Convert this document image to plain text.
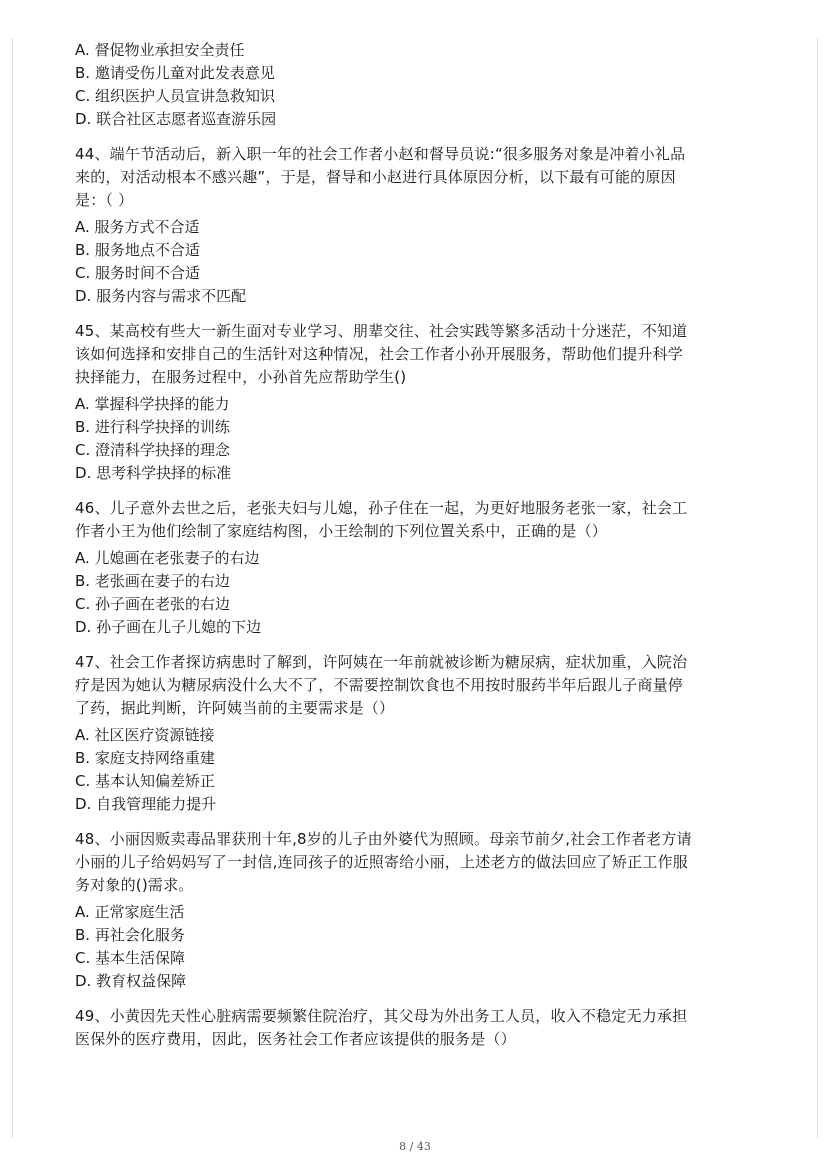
A. 督促物业承担安全责任
B. 邀请受伤儿童对此发表意见
C. 组织医护人员宣讲急救知识
D. 联合社区志愿者巡查游乐园
44、端午节活动后，新入职一年的社会工作者小赵和督导员说:“很多服务对象是冲着小礼品
来的，对活动根本不感兴趣”，于是，督导和小赵进行具体原因分析，以下最有可能的原因
是：（ ）
A. 服务方式不合适
B. 服务地点不合适
C. 服务时间不合适
D. 服务内容与需求不匹配
45、某高校有些大一新生面对专业学习、朋辈交往、社会实践等繁多活动十分迷茫，不知道
该如何选择和安排自己的生活针对这种情况，社会工作者小孙开展服务，帮助他们提升科学
抉择能力，在服务过程中，小孙首先应帮助学生()
A. 掌握科学抉择的能力
B. 进行科学抉择的训练
C. 澄清科学抉择的理念
D. 思考科学抉择的标准
46、儿子意外去世之后，老张夫妇与儿媳，孙子住在一起，为更好地服务老张一家，社会工
作者小王为他们绘制了家庭结构图，小王绘制的下列位置关系中，正确的是（）
A. 儿媳画在老张妻子的右边
B. 老张画在妻子的右边
C. 孙子画在老张的右边
D. 孙子画在儿子儿媳的下边
47、社会工作者探访病患时了解到，许阿姨在一年前就被诊断为糖尿病，症状加重，入院治
疗是因为她认为糖尿病没什么大不了，不需要控制饮食也不用按时服药半年后跟儿子商量停
了药，据此判断，许阿姨当前的主要需求是（）
A. 社区医疗资源链接
B. 家庭支持网络重建
C. 基本认知偏差矫正
D. 自我管理能力提升
48、小丽因贩卖毒品罪获刑十年,8岁的儿子由外婆代为照顾。母亲节前夕,社会工作者老方请
小丽的儿子给妈妈写了一封信,连同孩子的近照寄给小丽，上述老方的做法回应了矫正工作服
务对象的()需求。
A. 正常家庭生活
B. 再社会化服务
C. 基本生活保障
D. 教育权益保障
49、小黄因先天性心脏病需要频繁住院治疗，其父母为外出务工人员，收入不稳定无力承担
医保外的医疗费用，因此，医务社会工作者应该提供的服务是（）
8 / 43
